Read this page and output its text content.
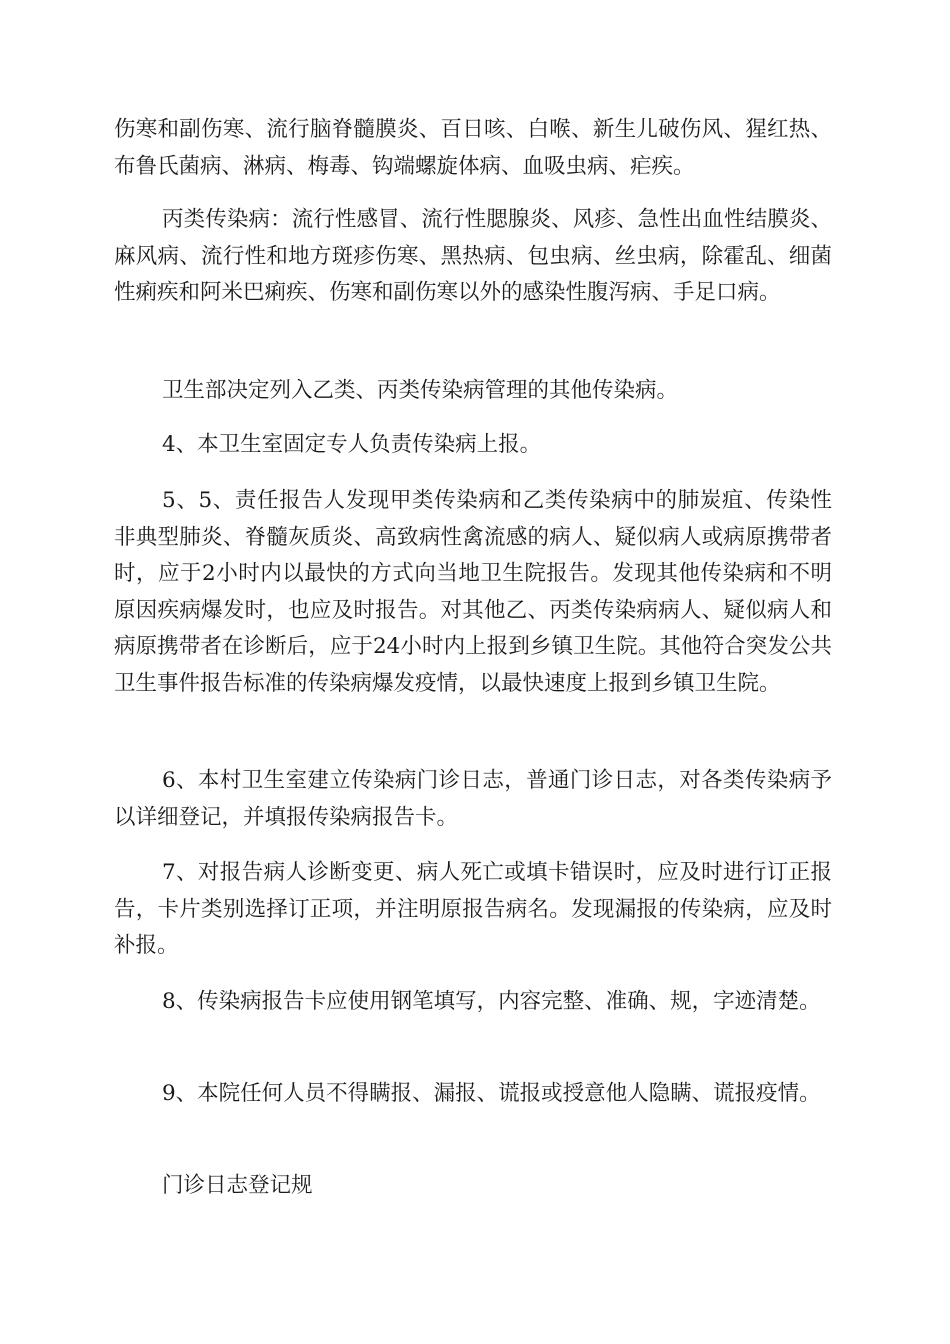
伤寒和副伤寒、流行脑脊髓膜炎、百日咳、白喉、新生儿破伤风、猩红热、布鲁氏菌病、淋病、梅毒、钩端螺旋体病、血吸虫病、疟疾。

丙类传染病：流行性感冒、流行性腮腺炎、风疹、急性出血性结膜炎、麻风病、流行性和地方斑疹伤寒、黑热病、包虫病、丝虫病，除霍乱、细菌性痢疾和阿米巴痢疾、伤寒和副伤寒以外的感染性腹泻病、手足口病。

卫生部决定列入乙类、丙类传染病管理的其他传染病。

4、本卫生室固定专人负责传染病上报。

5、5、责任报告人发现甲类传染病和乙类传染病中的肺炭疽、传染性非典型肺炎、脊髓灰质炎、高致病性禽流感的病人、疑似病人或病原携带者时，应于2小时内以最快的方式向当地卫生院报告。发现其他传染病和不明原因疾病爆发时，也应及时报告。对其他乙、丙类传染病病人、疑似病人和病原携带者在诊断后，应于24小时内上报到乡镇卫生院。其他符合突发公共卫生事件报告标准的传染病爆发疫情，以最快速度上报到乡镇卫生院。

6、本村卫生室建立传染病门诊日志，普通门诊日志，对各类传染病予以详细登记，并填报传染病报告卡。

7、对报告病人诊断变更、病人死亡或填卡错误时，应及时进行订正报告，卡片类别选择订正项，并注明原报告病名。发现漏报的传染病，应及时补报。

8、传染病报告卡应使用钢笔填写，内容完整、准确、规，字迹清楚。

9、本院任何人员不得瞒报、漏报、谎报或授意他人隐瞒、谎报疫情。

门诊日志登记规
